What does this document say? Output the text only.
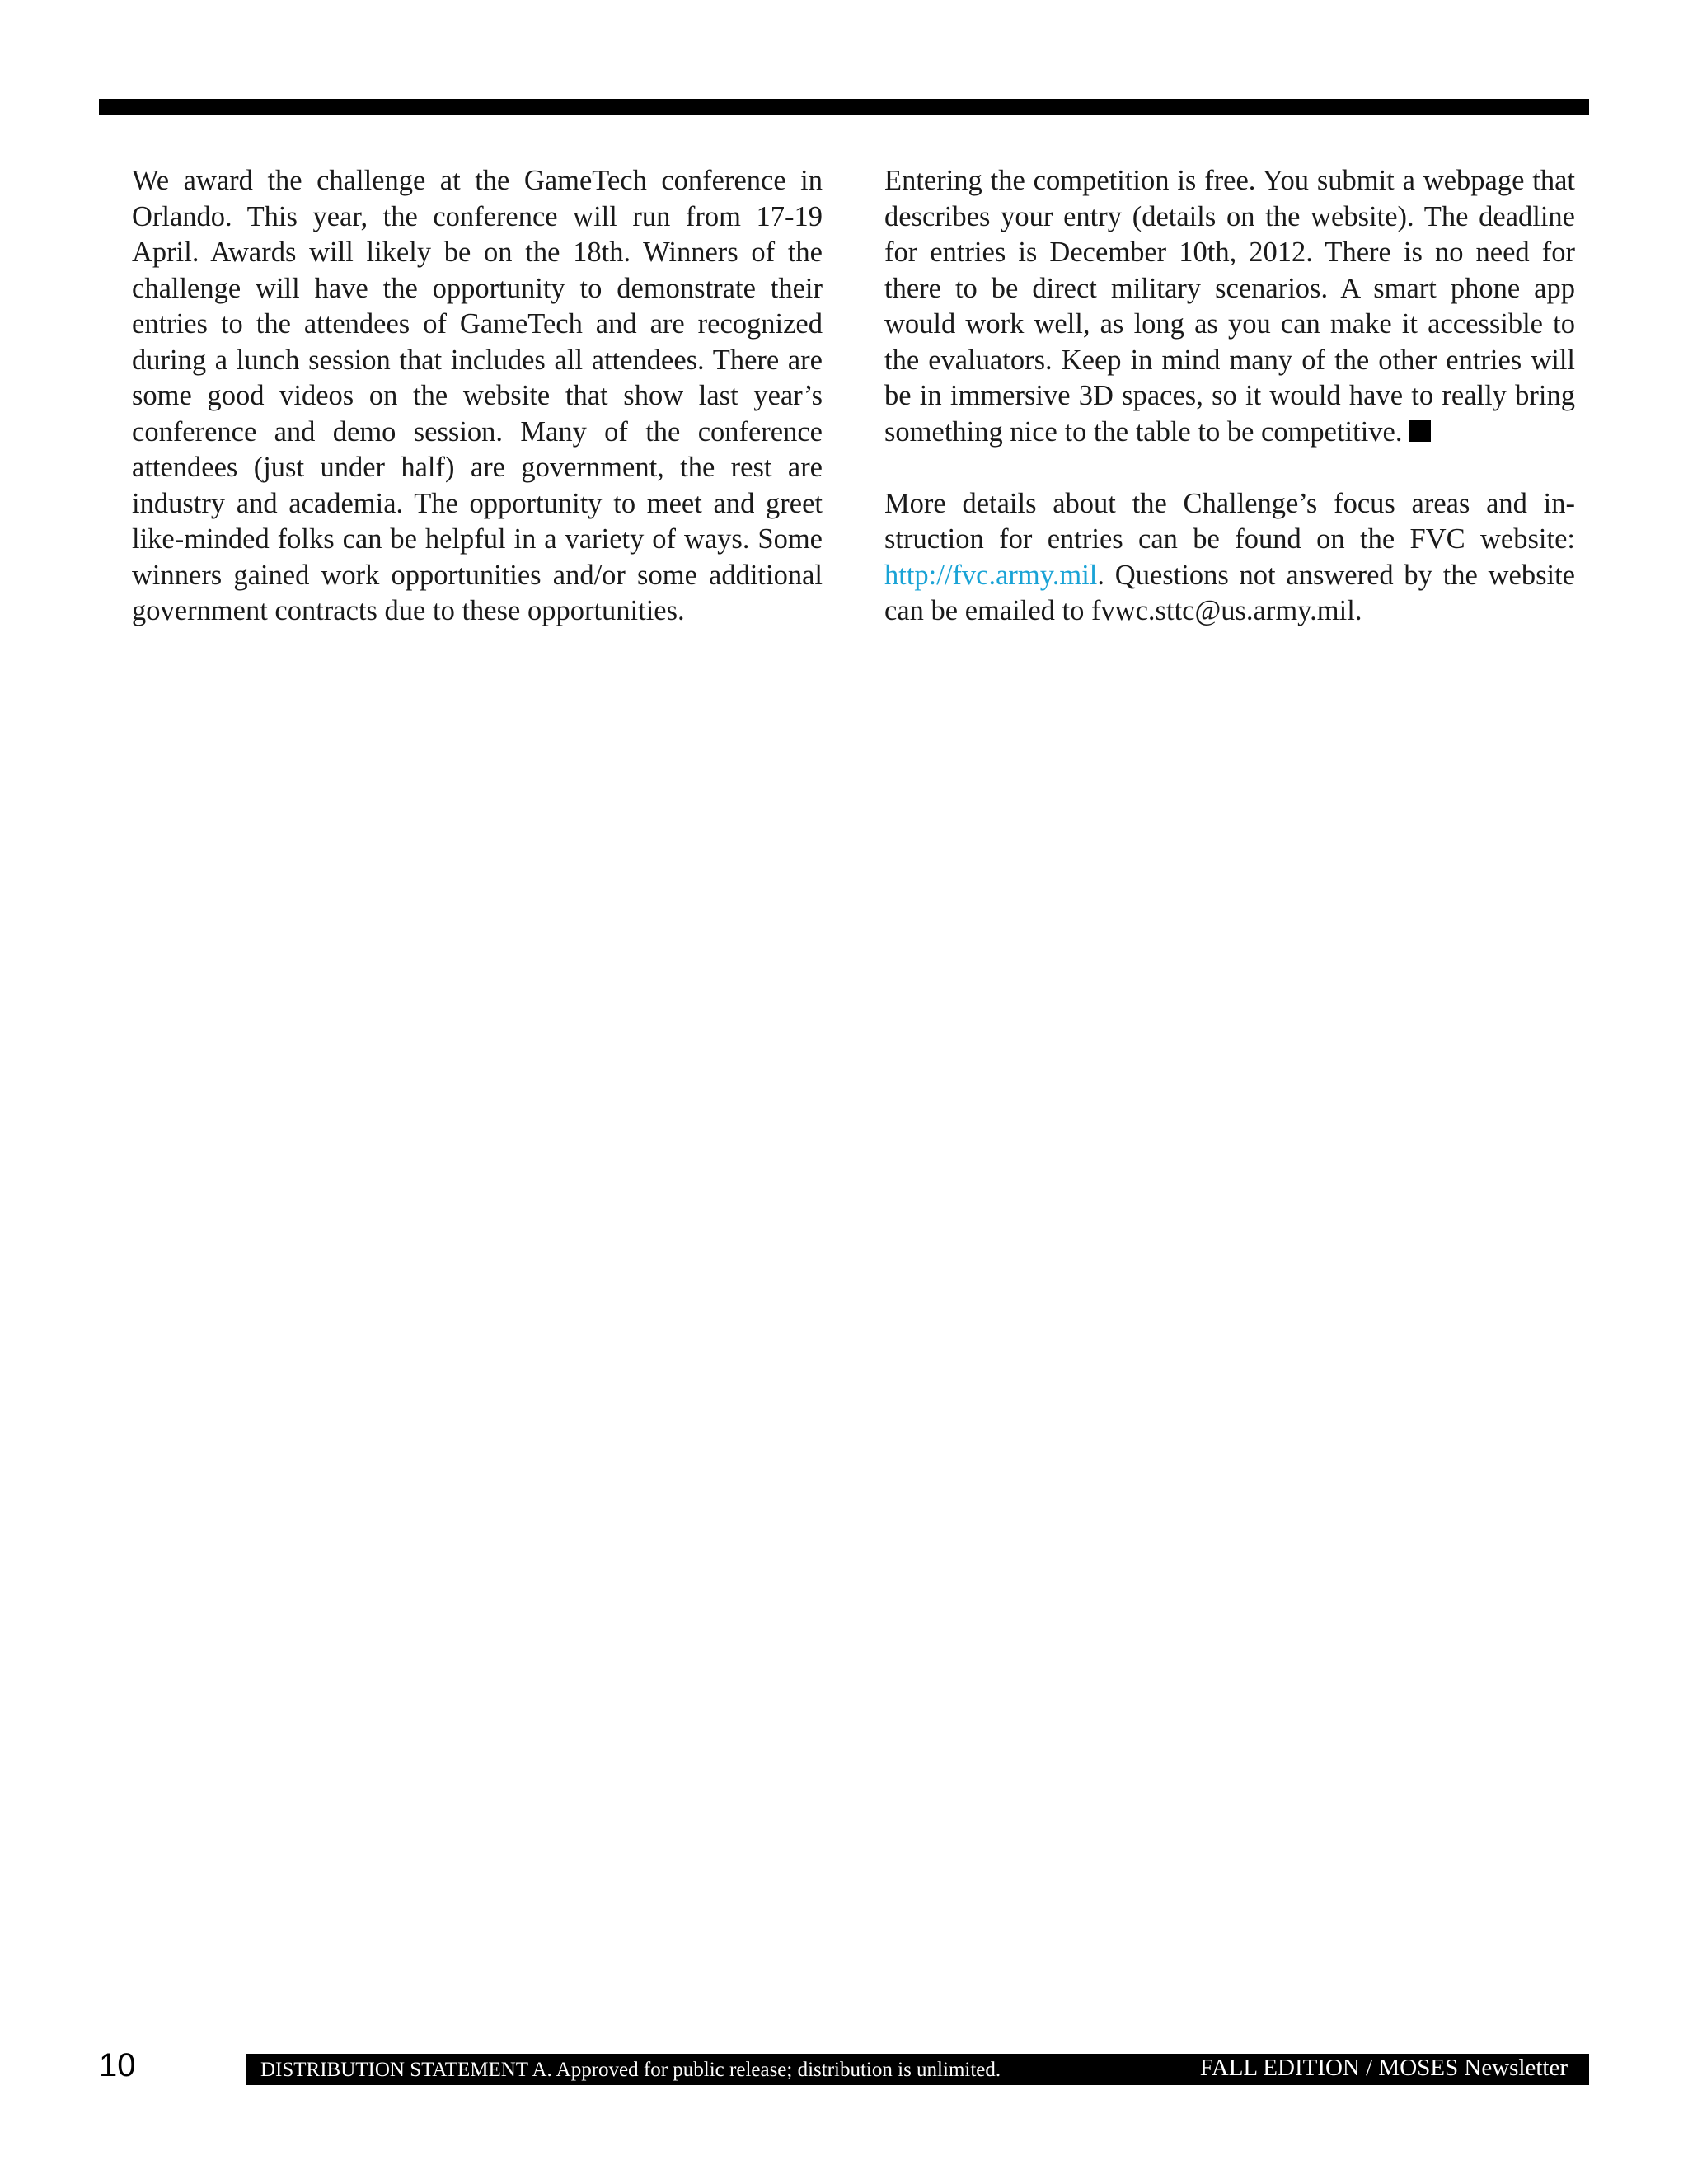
We award the challenge at the GameTech conference in Orlando. This year, the conference will run from 17-19 April. Awards will likely be on the 18th. Winners of the challenge will have the opportunity to demonstrate their entries to the attendees of GameTech and are recognized during a lunch session that includes all attendees. There are some good videos on the website that show last year’s conference and demo session. Many of the conference attendees (just under half) are government, the rest are industry and academia. The opportunity to meet and greet like-minded folks can be helpful in a variety of ways. Some winners gained work opportunities and/or some additional government contracts due to these opportunities.

Entering the competition is free. You submit a webpage that describes your entry (details on the website). The deadline for entries is December 10th, 2012. There is no need for there to be direct military scenarios. A smart phone app would work well, as long as you can make it accessible to the evaluators. Keep in mind many of the other entries will be in immersive 3D spaces, so it would have to really bring something nice to the table to be competitive.

More details about the Challenge’s focus areas and instruction for entries can be found on the FVC website: http://fvc.army.mil. Questions not answered by the website can be emailed to fvwc.sttc@us.army.mil.

10	DISTRIBUTION STATEMENT A. Approved for public release; distribution is unlimited.	FALL EDITION / MOSES Newsletter
